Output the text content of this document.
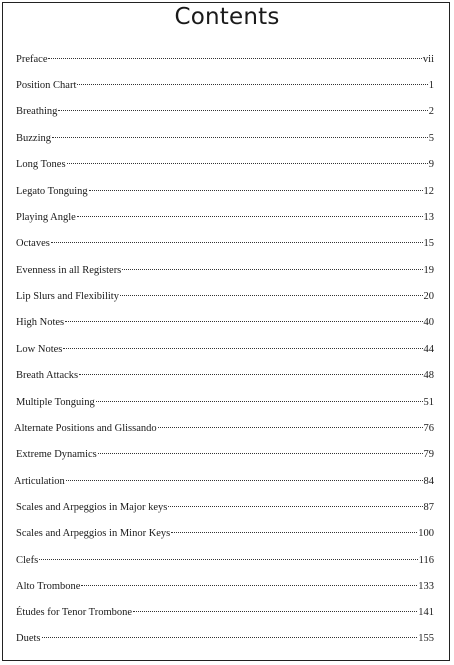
Contents
Preface	vii
Position Chart	1
Breathing	2
Buzzing	5
Long Tones	9
Legato Tonguing	12
Playing Angle	13
Octaves	15
Evenness in all Registers	19
Lip Slurs and Flexibility	20
High Notes	40
Low Notes	44
Breath Attacks	48
Multiple Tonguing	51
Alternate Positions and Glissando	76
Extreme Dynamics	79
Articulation	84
Scales and Arpeggios in Major keys	87
Scales and Arpeggios in Minor Keys	100
Clefs	116
Alto Trombone	133
Études for Tenor Trombone	141
Duets	155
